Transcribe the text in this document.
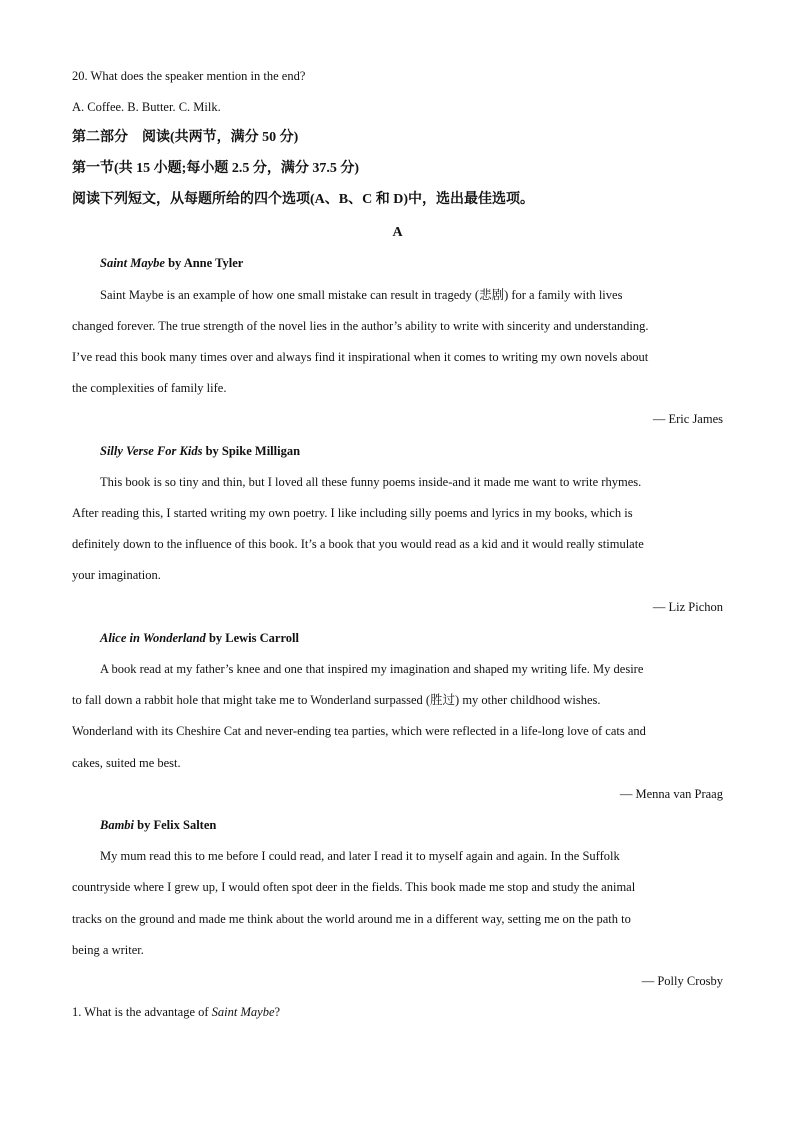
20. What does the speaker mention in the end?
A. Coffee. B. Butter. C. Milk.
第二部分　阅读(共两节，满分 50 分)
第一节(共 15 小题;每小题 2.5 分，满分 37.5 分)
阅读下列短文，从每题所给的四个选项(A、B、C 和 D)中，选出最佳选项。
A
Saint Maybe by Anne Tyler
Saint Maybe is an example of how one small mistake can result in tragedy (悲剧) for a family with lives
changed forever. The true strength of the novel lies in the author’s ability to write with sincerity and understanding.
I’ve read this book many times over and always find it inspirational when it comes to writing my own novels about
the complexities of family life.
— Eric James
Silly Verse For Kids by Spike Milligan
This book is so tiny and thin, but I loved all these funny poems inside-and it made me want to write rhymes.
After reading this, I started writing my own poetry. I like including silly poems and lyrics in my books, which is
definitely down to the influence of this book. It’s a book that you would read as a kid and it would really stimulate
your imagination.
— Liz Pichon
Alice in Wonderland by Lewis Carroll
A book read at my father’s knee and one that inspired my imagination and shaped my writing life. My desire
to fall down a rabbit hole that might take me to Wonderland surpassed (胜过) my other childhood wishes.
Wonderland with its Cheshire Cat and never-ending tea parties, which were reflected in a life-long love of cats and
cakes, suited me best.
— Menna van Praag
Bambi by Felix Salten
My mum read this to me before I could read, and later I read it to myself again and again. In the Suffolk
countryside where I grew up, I would often spot deer in the fields. This book made me stop and study the animal
tracks on the ground and made me think about the world around me in a different way, setting me on the path to
being a writer.
— Polly Crosby
1. What is the advantage of Saint Maybe?
